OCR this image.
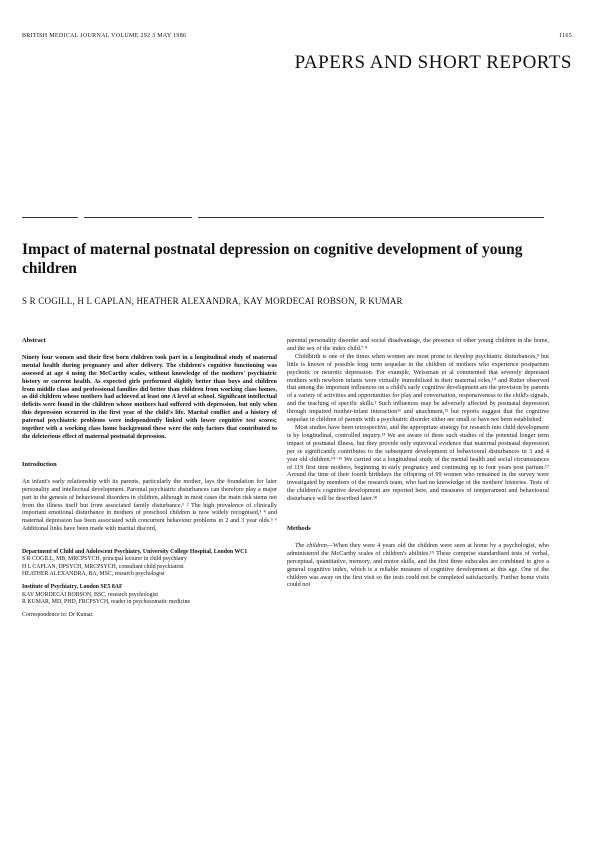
BRITISH MEDICAL JOURNAL VOLUME 292 3 MAY 1986	1165
PAPERS AND SHORT REPORTS
Impact of maternal postnatal depression on cognitive development of young children
S R COGILL, H L CAPLAN, HEATHER ALEXANDRA, KAY MORDECAI ROBSON, R KUMAR

Abstract

Ninety four women and their first born children took part in a longitudinal study of maternal mental health during pregnancy and after delivery. The children's cognitive functioning was assessed at age 4 using the McCarthy scales, without knowledge of the mothers' psychiatric history or current health. As expected girls performed slightly better than boys and children from middle class and professional families did better than children from working class homes, as did children whose mothers had achieved at least one A level at school. Significant intellectual deficits were found in the children whose mothers had suffered with depression, but only when this depression occurred in the first year of the child's life. Marital conflict and a history of paternal psychiatric problems were independently linked with lower cognitive test scores; together with a working class home background these were the only factors that contributed to the deleterious effect of maternal postnatal depression.

Introduction

An infant's early relationship with its parents, particularly the mother, lays the foundation for later personality and intellectual development. Parental psychiatric disturbances can therefore play a major part in the genesis of behavioural disorders in children, although in most cases the main risk stems not from the illness itself but from associated family disturbance.¹ ² The high prevalence of clinically important emotional disturbance in mothers of preschool children is now widely recognised,³ ⁴ and maternal depression has been associated with concurrent behaviour problems in 2 and 3 year olds.⁵ ⁶ Additional links have been made with marital discord,

Department of Child and Adolescent Psychiatry, University College Hospital, London WC1

S R COGILL, MB, MRCPSYCH, principal lecturer in child psychiatry

H L CAPLAN, DPSYCH, MRCPSYCH, consultant child psychiatrist

HEATHER ALEXANDRA, BA, MSC, research psychologist

Institute of Psychiatry, London SE5 8AF

KAY MORDECAI ROBSON, BSC, research psychologist

R KUMAR, MD, PHD, FRCPSYCH, reader in psychosomatic medicine

Correspondence to: Dr Kumar.

parental personality disorder and social disadvantage, the presence of other young children in the home, and the sex of the index child.⁷ ⁸

Childbirth is one of the times when women are most prone to develop psychiatric disturbances,⁹ but little is known of possible long term sequelae in the children of mothers who experience postpartum psychotic or neurotic depression. For example, Weissman et al commented that severely depressed mothers with newborn infants were virtually immobilised in their maternal roles,¹⁰ and Rutter observed that among the important influences on a child's early cognitive development are the provision by parents of a variety of activities and opportunities for play and conversation, responsiveness to the child's signals, and the teaching of specific skills.¹ Such influences may be adversely affected by postnatal depression through impaired mother-infant interaction¹¹ and attachment,¹² but reports suggest that the cognitive sequelae in children of parents with a psychiatric disorder either are small or have not been established.

Most studies have been retrospective, and the appropriate strategy for research into child development is by longitudinal, controlled inquiry.¹³ We are aware of three such studies of the potential longer term impact of postnatal illness, but they provide only equivocal evidence that maternal postnatal depression per se significantly contributes to the subsequent development of behavioural disturbances in 3 and 4 year old children.¹⁴⁻¹⁶ We carried out a longitudinal study of the mental health and social circumstances of 119 first time mothers, beginning in early pregnancy and continuing up to four years post partum.¹⁷ Around the time of their fourth birthdays the offspring of 99 women who remained in the survey were investigated by members of the research team, who had no knowledge of the mothers' histories. Tests of the children's cognitive development are reported here, and measures of temperament and behavioural disturbance will be described later.¹⁸

Methods

The children—When they were 4 years old the children were seen at home by a psychologist, who administered the McCarthy scales of children's abilities.¹⁹ These comprise standardised tests of verbal, perceptual, quantitative, memory, and motor skills, and the first three subscales are combined to give a general cognitive index, which is a reliable measure of cognitive development at this age. One of the children was away on the first visit so the tests could not be completed satisfactorily. Further home visits could not
